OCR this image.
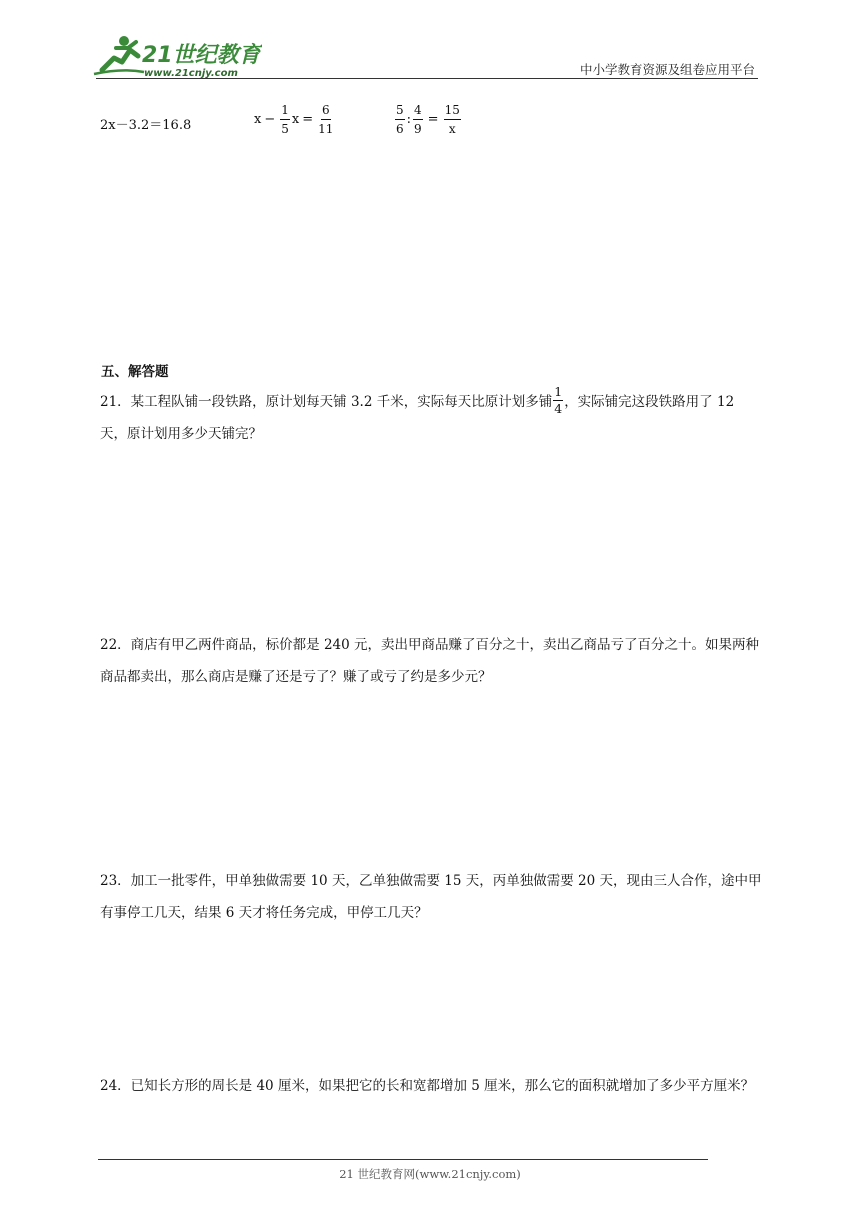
21世纪教育
www.21cnjy.com	中小学教育资源及组卷应用平台
2x－3.2＝16.8	$x - \frac{1}{5}$ $x = \frac{6}{11}$	$\frac{5}{6}$ : $\frac{4}{9} = \frac{15}{x}$
五、解答题

21．某工程队铺一段铁路，原计划每天铺 3.2 千米，实际每天比原计划多铺 $\frac{1}{4}$ ，实际铺完这段铁路用了 12 天，原计划用多少天铺完？

22．商店有甲乙两件商品，标价都是 240 元，卖出甲商品赚了百分之十，卖出乙商品亏了百分之十。如果两种商品都卖出，那么商店是赚了还是亏了？赚了或亏了约是多少元？

23．加工一批零件，甲单独做需要 10 天，乙单独做需要 15 天，丙单独做需要 20 天，现由三人合作，途中甲有事停工几天，结果 6 天才将任务完成，甲停工几天？

24．已知长方形的周长是 40 厘米，如果把它的长和宽都增加 5 厘米，那么它的面积就增加了多少平方厘米？

21 世纪教育网(www.21cnjy.com)
